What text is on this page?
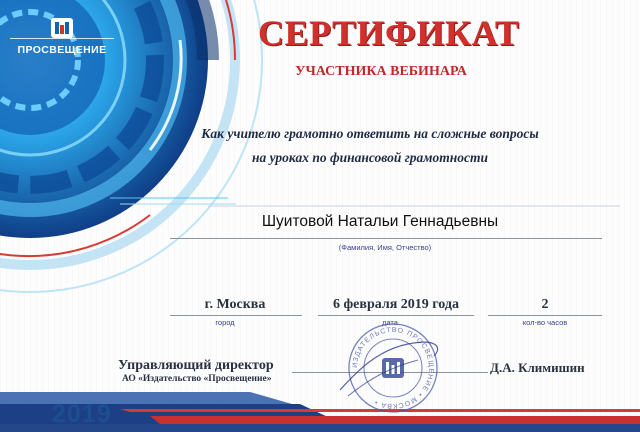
ПРОСВЕЩЕНИЕ	СЕРТИФИКАТ
УЧАСТНИКА ВЕБИНАРА
Как учителю грамотно ответить на сложные вопросы
на уроках по финансовой грамотности
Шуитовой Натальи Геннадьевны
(Фамилия, Имя, Отчество)
г. Москва
город
6 февраля 2019 года
дата
2
кол-во часов
Управляющий директор
АО «Издательство «Просвещение»
Д.А. Климишин
ИЗДАТЕЛЬСТВО ПРОСВЕЩЕНИЕ • МОСКВА •
2019
